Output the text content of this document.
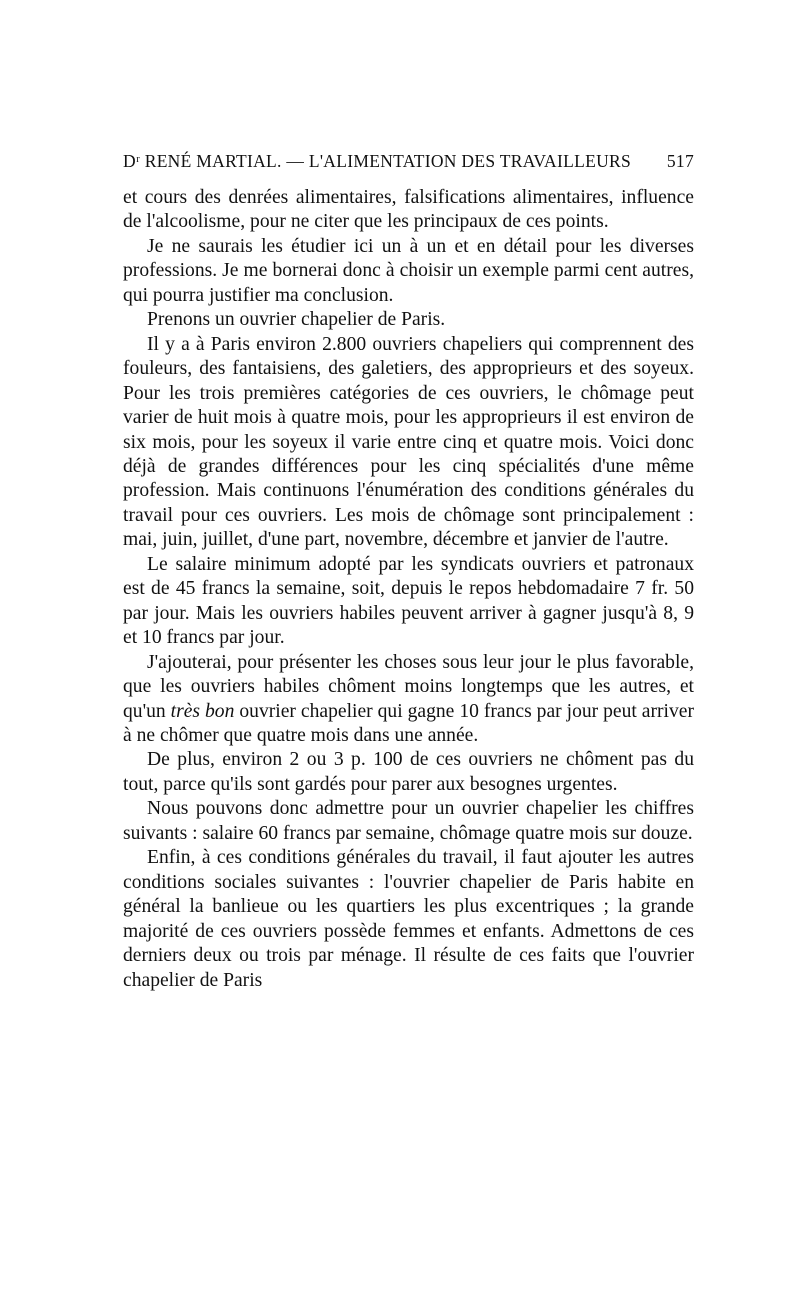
Dʳ RENÉ MARTIAL. — L'ALIMENTATION DES TRAVAILLEURS 517

et cours des denrées alimentaires, falsifications alimentaires, influence de l'alcoolisme, pour ne citer que les principaux de ces points.

Je ne saurais les étudier ici un à un et en détail pour les diverses professions. Je me bornerai donc à choisir un exemple parmi cent autres, qui pourra justifier ma conclusion.

Prenons un ouvrier chapelier de Paris.

Il y a à Paris environ 2.800 ouvriers chapeliers qui comprennent des fouleurs, des fantaisiens, des galetiers, des approprieurs et des soyeux. Pour les trois premières catégories de ces ouvriers, le chômage peut varier de huit mois à quatre mois, pour les approprieurs il est environ de six mois, pour les soyeux il varie entre cinq et quatre mois. Voici donc déjà de grandes différences pour les cinq spécialités d'une même profession. Mais continuons l'énumération des conditions générales du travail pour ces ouvriers. Les mois de chômage sont principalement : mai, juin, juillet, d'une part, novembre, décembre et janvier de l'autre.

Le salaire minimum adopté par les syndicats ouvriers et patronaux est de 45 francs la semaine, soit, depuis le repos hebdomadaire 7 fr. 50 par jour. Mais les ouvriers habiles peuvent arriver à gagner jusqu'à 8, 9 et 10 francs par jour.

J'ajouterai, pour présenter les choses sous leur jour le plus favorable, que les ouvriers habiles chôment moins longtemps que les autres, et qu'un très bon ouvrier chapelier qui gagne 10 francs par jour peut arriver à ne chômer que quatre mois dans une année.

De plus, environ 2 ou 3 p. 100 de ces ouvriers ne chôment pas du tout, parce qu'ils sont gardés pour parer aux besognes urgentes.

Nous pouvons donc admettre pour un ouvrier chapelier les chiffres suivants : salaire 60 francs par semaine, chômage quatre mois sur douze.

Enfin, à ces conditions générales du travail, il faut ajouter les autres conditions sociales suivantes : l'ouvrier chapelier de Paris habite en général la banlieue ou les quartiers les plus excentriques ; la grande majorité de ces ouvriers possède femmes et enfants. Admettons de ces derniers deux ou trois par ménage. Il résulte de ces faits que l'ouvrier chapelier de Paris
